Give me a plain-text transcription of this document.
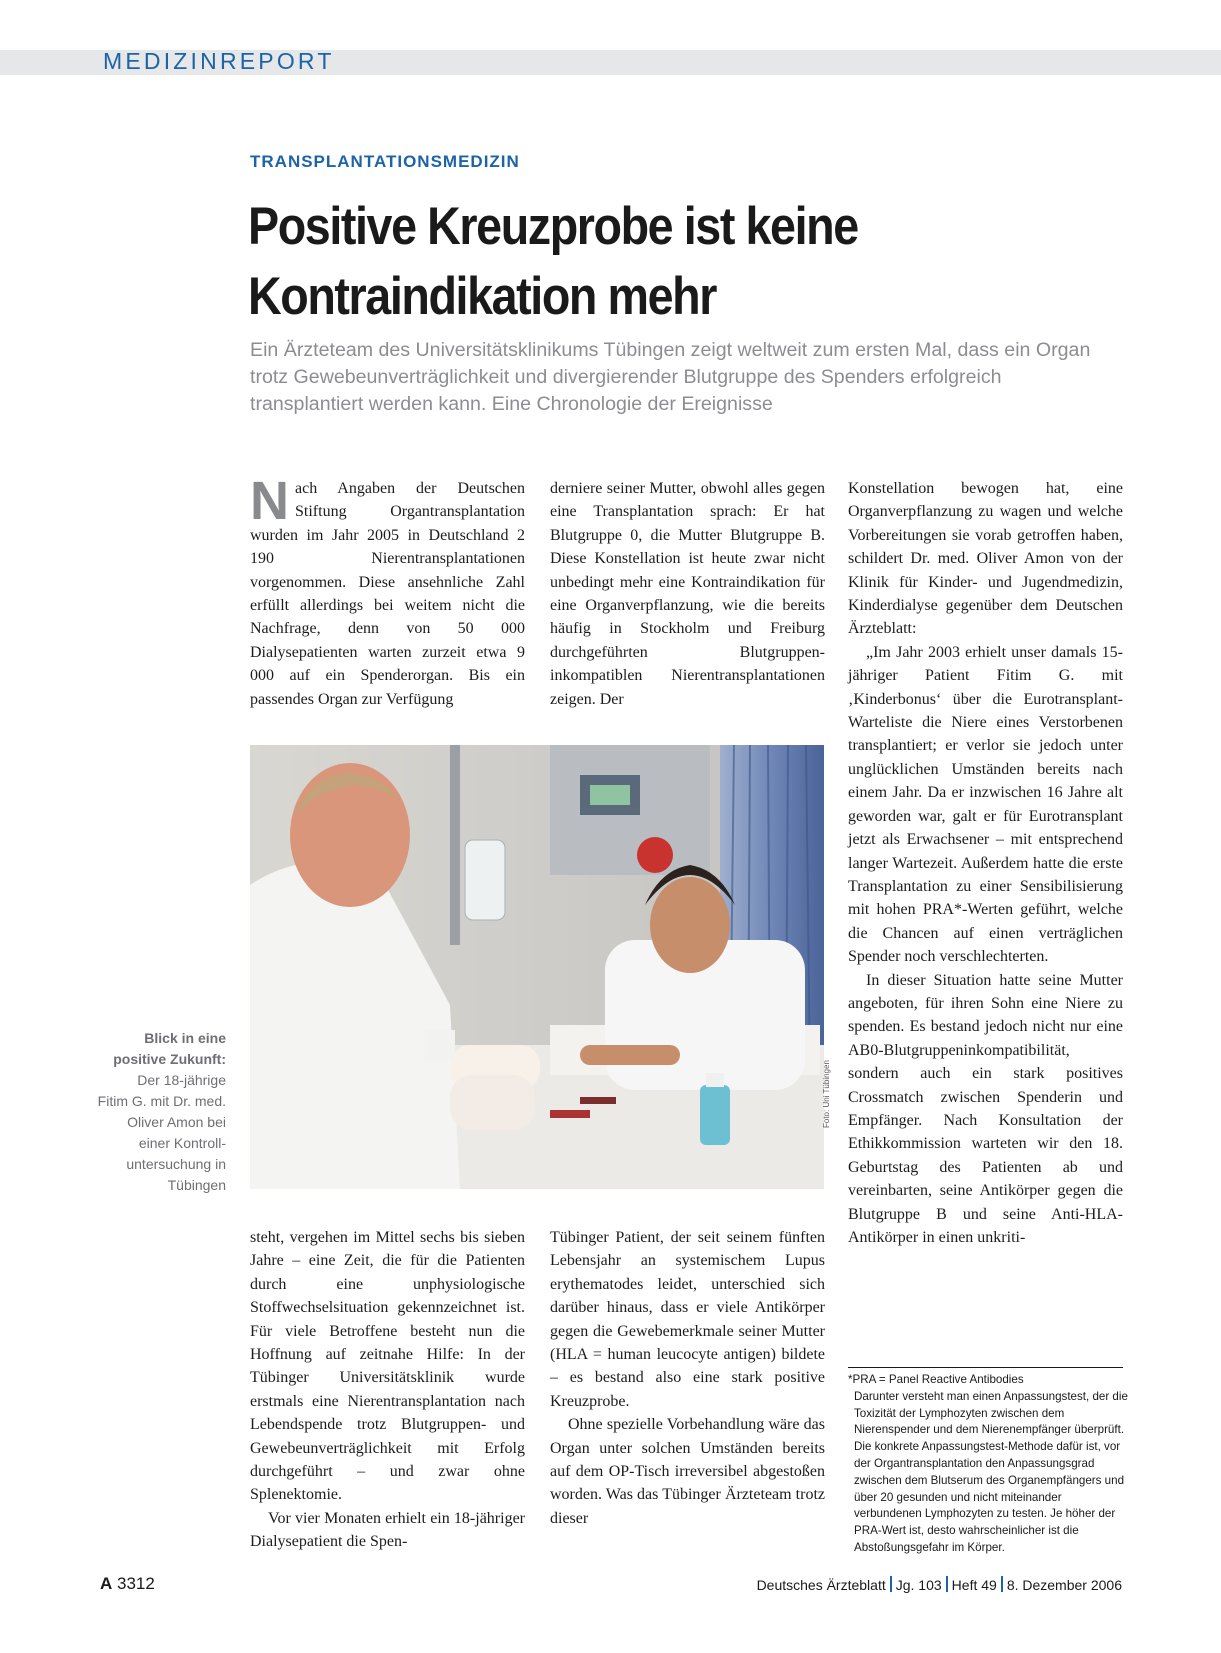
MEDIZINREPORT
TRANSPLANTATIONSMEDIZIN
Positive Kreuzprobe ist keine
Kontraindikation mehr

Ein Ärzteteam des Universitätsklinikums Tübingen zeigt weltweit zum ersten Mal, dass ein Organ trotz Gewebeunverträglichkeit und divergierender Blutgruppe des Spenders erfolgreich transplantiert werden kann. Eine Chronologie der Ereignisse

Nach Angaben der Deutschen Stiftung Organtransplantation wurden im Jahr 2005 in Deutschland 2 190 Nierentransplantationen vorgenommen. Diese ansehnliche Zahl erfüllt allerdings bei weitem nicht die Nachfrage, denn von 50 000 Dialysepatienten warten zurzeit etwa 9 000 auf ein Spenderorgan. Bis ein passendes Organ zur Verfügung

derniere seiner Mutter, obwohl alles gegen eine Transplantation sprach: Er hat Blutgruppe 0, die Mutter Blutgruppe B. Diese Konstellation ist heute zwar nicht unbedingt mehr eine Kontraindikation für eine Organverpflanzung, wie die bereits häufig in Stockholm und Freiburg durchgeführten Blutgruppen-inkompatiblen Nierentransplantationen zeigen. Der

Konstellation bewogen hat, eine Organverpflanzung zu wagen und welche Vorbereitungen sie vorab getroffen haben, schildert Dr. med. Oliver Amon von der Klinik für Kinder- und Jugendmedizin, Kinderdialyse gegenüber dem Deutschen Ärzteblatt:

„Im Jahr 2003 erhielt unser damals 15-jähriger Patient Fitim G. mit ‚Kinderbonus‘ über die Eurotransplant-Warteliste die Niere eines Verstorbenen transplantiert; er verlor sie jedoch unter unglücklichen Umständen bereits nach einem Jahr. Da er inzwischen 16 Jahre alt geworden war, galt er für Eurotransplant jetzt als Erwachsener – mit entsprechend langer Wartezeit. Außerdem hatte die erste Transplantation zu einer Sensibilisierung mit hohen PRA*-Werten geführt, welche die Chancen auf einen verträglichen Spender noch verschlechterten.

In dieser Situation hatte seine Mutter angeboten, für ihren Sohn eine Niere zu spenden. Es bestand jedoch nicht nur eine AB0-Blutgruppeninkompatibilität, sondern auch ein stark positives Crossmatch zwischen Spenderin und Empfänger. Nach Konsultation der Ethikkommission warteten wir den 18. Geburtstag des Patienten ab und vereinbarten, seine Antikörper gegen die Blutgruppe B und seine Anti-HLA-Antikörper in einen unkriti-

Foto: Uni Tübingen
Blick in eine
positive Zukunft:
Der 18-jährige
Fitim G. mit Dr. med.
Oliver Amon bei
einer Kontroll-
untersuchung in
Tübingen

steht, vergehen im Mittel sechs bis sieben Jahre – eine Zeit, die für die Patienten durch eine unphysiologische Stoffwechselsituation gekennzeichnet ist. Für viele Betroffene besteht nun die Hoffnung auf zeitnahe Hilfe: In der Tübinger Universitätsklinik wurde erstmals eine Nierentransplantation nach Lebendspende trotz Blutgruppen- und Gewebeunverträglichkeit mit Erfolg durchgeführt – und zwar ohne Splenektomie.

Vor vier Monaten erhielt ein 18-jähriger Dialysepatient die Spen-

Tübinger Patient, der seit seinem fünften Lebensjahr an systemischem Lupus erythematodes leidet, unterschied sich darüber hinaus, dass er viele Antikörper gegen die Gewebemerkmale seiner Mutter (HLA = human leucocyte antigen) bildete – es bestand also eine stark positive Kreuzprobe.

Ohne spezielle Vorbehandlung wäre das Organ unter solchen Umständen bereits auf dem OP-Tisch irreversibel abgestoßen worden. Was das Tübinger Ärzteteam trotz dieser

*PRA = Panel Reactive Antibodies
Darunter versteht man einen Anpassungstest, der die Toxizität der Lymphozyten zwischen dem Nierenspender und dem Nierenempfänger überprüft. Die konkrete Anpassungstest-Methode dafür ist, vor der Organtransplantation den Anpassungsgrad zwischen dem Blutserum des Organempfängers und über 20 gesunden und nicht miteinander verbundenen Lymphozyten zu testen. Je höher der PRA-Wert ist, desto wahrscheinlicher ist die Abstoßungsgefahr im Körper.
A 3312	Deutsches Ärzteblatt Jg. 103 Heft 49 8. Dezember 2006
